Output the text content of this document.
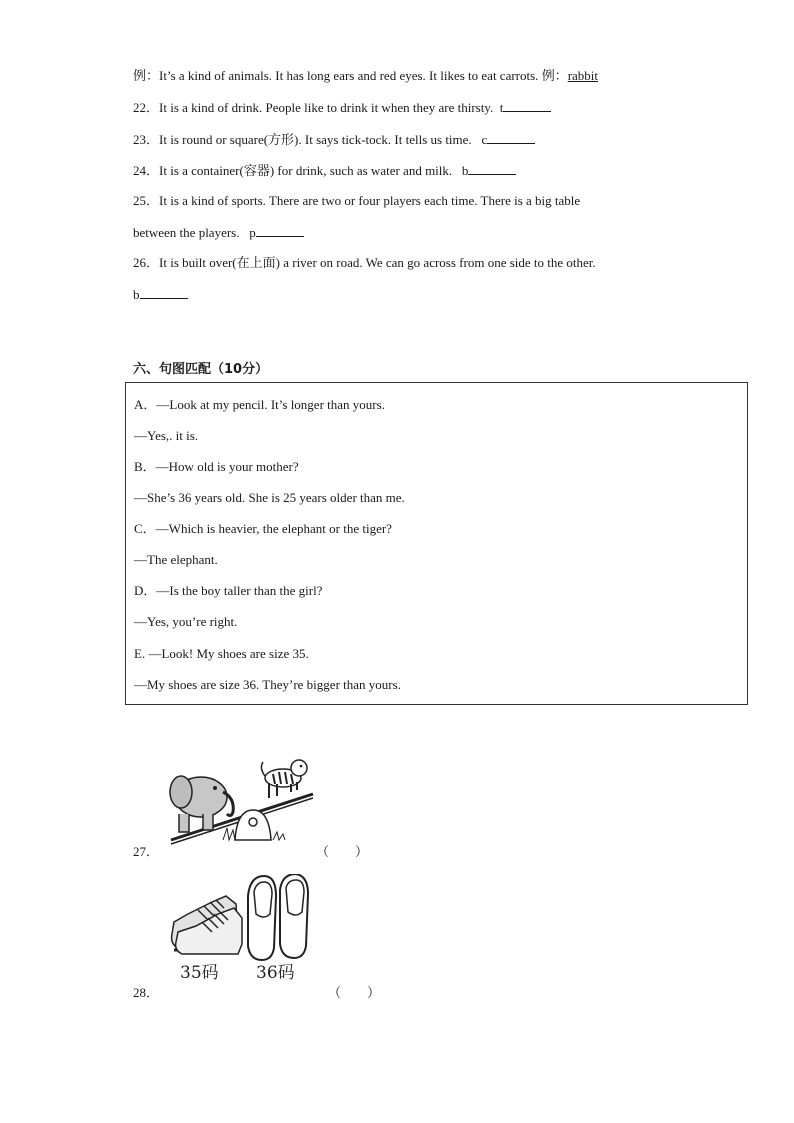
例：It’s a kind of animals. It has long ears and red eyes. It likes to eat carrots. 例：rabbit
22．It is a kind of drink. People like to drink it when they are thirsty. t
23．It is round or square(方形). It says tick-tock. It tells us time. c
24．It is a container(容器) for drink, such as water and milk. b
25．It is a kind of sports. There are two or four players each time. There is a big table
between the players. p
26．It is built over(在上面) a river on road. We can go across from one side to the other.
b
六、句图匹配（10分）
A．—Look at my pencil. It’s longer than yours.
—Yes,. it is.
B．—How old is your mother?
—She’s 36 years old. She is 25 years older than me.
C．—Which is heavier, the elephant or the tiger?
—The elephant.
D．—Is the boy taller than the girl?
—Yes, you’re right.
E. —Look! My shoes are size 35.
—My shoes are size 36. They’re bigger than yours.
27．	（　　）
35码 36码
28．	（　　）
